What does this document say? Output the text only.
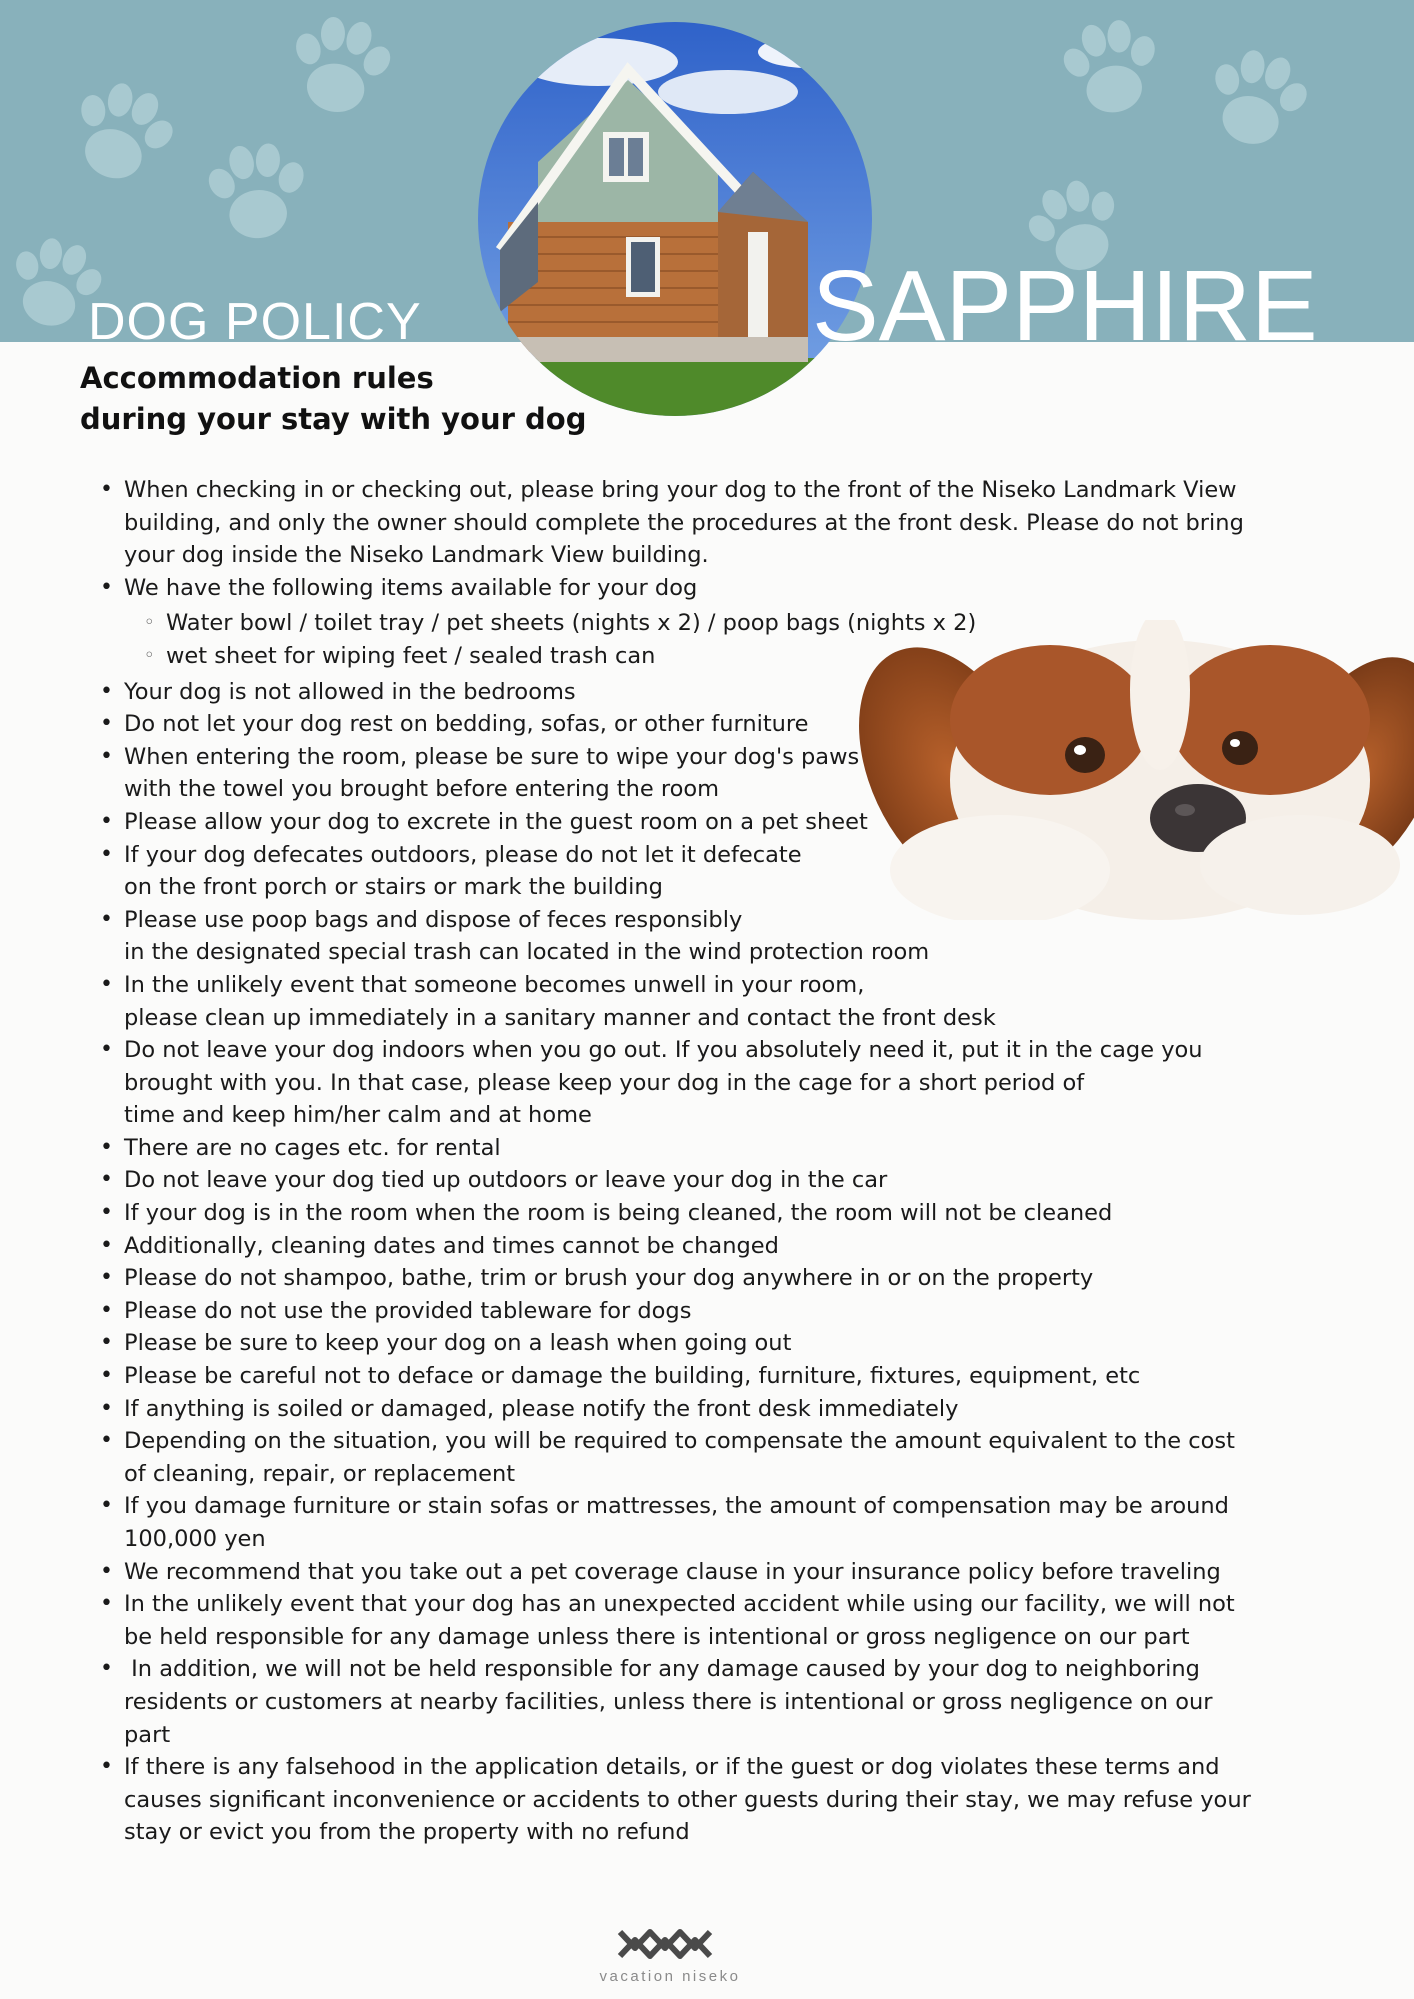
DOG POLICY	SAPPHIRE
Accommodation rules
during your stay with your dog
• When checking in or checking out, please bring your dog to the front of the Niseko Landmark View building, and only the owner should complete the procedures at the front desk. Please do not bring your dog inside the Niseko Landmark View building.
• We have the following items available for your dog
◦ Water bowl / toilet tray / pet sheets (nights x 2) / poop bags (nights x 2)
◦ wet sheet for wiping feet / sealed trash can
• Your dog is not allowed in the bedrooms
• Do not let your dog rest on bedding, sofas, or other furniture
• When entering the room, please be sure to wipe your dog's paws
with the towel you brought before entering the room
• Please allow your dog to excrete in the guest room on a pet sheet
• If your dog defecates outdoors, please do not let it defecate
on the front porch or stairs or mark the building
• Please use poop bags and dispose of feces responsibly
in the designated special trash can located in the wind protection room
• In the unlikely event that someone becomes unwell in your room,
please clean up immediately in a sanitary manner and contact the front desk
• Do not leave your dog indoors when you go out. If you absolutely need it, put it in the cage you
brought with you. In that case, please keep your dog in the cage for a short period of
time and keep him/her calm and at home
• There are no cages etc. for rental
• Do not leave your dog tied up outdoors or leave your dog in the car
• If your dog is in the room when the room is being cleaned, the room will not be cleaned
• Additionally, cleaning dates and times cannot be changed
• Please do not shampoo, bathe, trim or brush your dog anywhere in or on the property
• Please do not use the provided tableware for dogs
• Please be sure to keep your dog on a leash when going out
• Please be careful not to deface or damage the building, furniture, fixtures, equipment, etc
• If anything is soiled or damaged, please notify the front desk immediately
• Depending on the situation, you will be required to compensate the amount equivalent to the cost
of cleaning, repair, or replacement
• If you damage furniture or stain sofas or mattresses, the amount of compensation may be around
100,000 yen
• We recommend that you take out a pet coverage clause in your insurance policy before traveling
• In the unlikely event that your dog has an unexpected accident while using our facility, we will not
be held responsible for any damage unless there is intentional or gross negligence on our part
•  In addition, we will not be held responsible for any damage caused by your dog to neighboring
residents or customers at nearby facilities, unless there is intentional or gross negligence on our
part
• If there is any falsehood in the application details, or if the guest or dog violates these terms and
causes significant inconvenience or accidents to other guests during their stay, we may refuse your
stay or evict you from the property with no refund
vacation niseko
